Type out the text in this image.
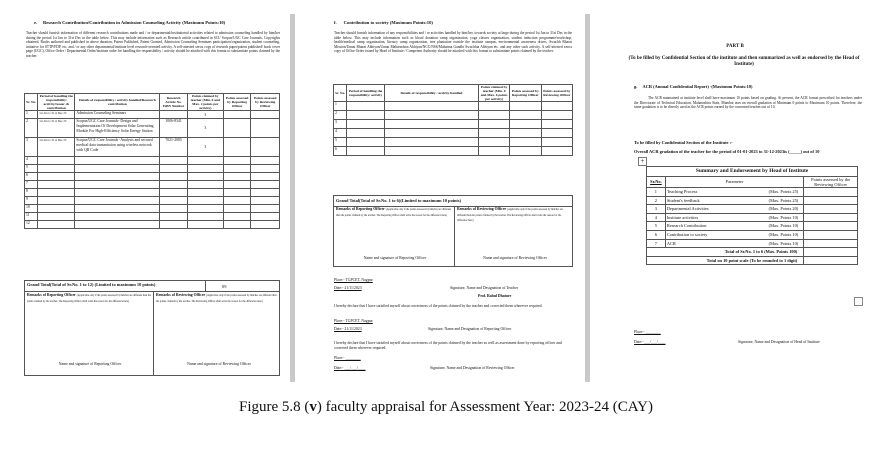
e. Research Contribution/Contribution in Admission Counseling Activity (Maximum Points:10)
Teacher should furnish information of different research contributions made and / or departmental/institutional activities related to admission counseling handled by him/her during the period 1st Jan to 31st Dec in the table below. This may include information such as Research article contributed in SCI/ Scopus/UGC Care Journals, Copyrights obtained, Books authored and published in above duration, Patent Published, Patent Granted, Admission Counseling Seminars participation/organization, student counseling, initiative for STTP/FDP, etc. and / or any other departmental/institute level research-oriented activity. A self-attested xerox copy of research paper/patent published/ book cover page (UGC), Office Order / Departmental Order/institute order for handling the responsibility / activity should be attached with this format to substantiate points claimed by the teacher.
Sr. No.	Period of handling the responsibility/ activity/resear ch contribution	Details of responsibility / activity handled/Research contribution	Research Article No. ISBN Number	Points claimed by teacher (Min. 0 and Max. 2 points per activity)	Points assessed by Reporting Officer	Points assessed by Reviewing Officer
1	1st Jan to 31 st Dec 23	Admission Counseling Seminars		3		
2	1st Jan to 31 st Dec 23	Scopus/UGC Care Journals- Design and Implementation Of Development Solar Generating Module For High-Efficiency Solar Energy Station	1006-8341	3		
3	1st Jan to 31 st Dec 23	Scopus/UGC Care Journals -Analysis and secured medical data transmission using wireless network with QR Code	7021-2005	3		
4						
5						
6						
7						
8						
9						
10						
11						
12						
Grand Total(Total of Sr.No. 1 to 12) (Limited to maximum 10 points)	09
Remarks of Reporting Officer (Applicable only if the points assessed by him/her are different than the points claimed by the teacher. The Reporting Officer shall write the reason for the difference here)
Remarks of Reviewing Officer (Applicable only if the points assessed by him/her are different than the points claimed by the teacher. The Reviewing Officer shall write the reason for the difference here)
Name and signature of Reporting Officer	Name and signature of Reviewing Officer
f. Contribution to society (Maximum Points:10)
Teacher should furnish information of any responsibilities and / or activities handled by him/her, towards society at large during the period 1st Jan to 31st Dec in the table below. This may include information such as blood donation camp organization, yoga classes organization, student induction programme/workshop, health/medical camp organization, literacy camp organization, tree plantation outside the institute campus, environmental awareness drives, Swachh Bharat Mission/Unnat Bharat Abhiyan/Unnat Maharashtra Abhiyan/NCC/NSS/Mahatma Gandhi Swachhta Abhiyan etc. and any other such activity. A self-attested xerox copy of Office Order issued by Head of Institute / Competent Authority should be attached with this format to substantiate points claimed by the teacher.
Sr. No.	Period of handling the responsibility/ activity	Details of responsibility / activity handled	Points claimed by teacher (Min. 0 and Max. 6 points per activity)	Points assessed by Reporting Officer	Points assessed by Reviewing Officer
1					
2					
3					
4					
5					
6					
Grand Total(Total of Sr.No. 1 to 6)(Limited to maximum 10 points)
Remarks of Reporting Officer (Applicable only if the points assessed by him/her are different than the points claimed by the teacher. The Reporting Officer shall write the reason for the difference here)
Remarks of Reviewing Officer (Applicable only if the points assessed by him/her are different than the points claimed by the teacher. The Reviewing Officer shall write the reason for the difference here)
Name and signature of Reporting Officer	Name and signature of Reviewing Officer
Place:- TGPCET, Nagpur
Date:- 21/11/2023	Signature, Name and Designation of Teacher
Prof. Rahul Dhature
I hereby declare that I have satisfied myself about correctness of the points claimed by the teacher and corrected them wherever required.
Place:- TGPCET, Nagpur
Date:- 21/11/2023	Signature, Name and Designation of Reporting Officer
I hereby declare that I have satisfied myself about correctness of the points claimed by the teacher as well as assessment done by reporting officer and corrected them wherever required.
Place:- ________
Date:- ___/___/____	Signature, Name and Designation of Reviewing Officer
PART B
(To be filled by Confidential Section of the institute and then summarized as well as endorsed by the Head of Institute)
g. ACR (Annual Confidential Report) -(Maximum Points:10)
The ACR maintained at institute level shall have maximum 10 points based on grading. At present, the ACR format prescribed for teachers under the Directorate of Technical Education, Maharashtra State, Mumbai uses an overall gradation of Minimum 0 points to Maximum 10 points. Therefore, the same gradation is to be directly used as the ACR points earned by the concerned teacher out of 10.
To be filled by Confidential Section of the Institute :-
Overall ACR gradation of the teacher for the period of 01-01-2023 to 31-12-2023is (_____) out of 10
+
Summary and Endorsement by Head of Institute		
Sr.No.	Parameter	Points assessed by the Reviewing Officer
1	Teaching Process (Max. Points 25)	

2	Student's feedback (Max. Points 25)	

3	Departmental Activities (Max. Points 20)	

4	Institute activities (Max. Points 10)	

5	Research Contribution (Max. Points 10)	

6	Contribution to society (Max. Points 10)	

7	ACR (Max. Points 10)	

Total of Sr.No. 1 to 6 (Max. Points 100)		
Total on 10 point scale (To be rounded to 1 digit)		
Place:- ________
Date:- ___/___/____	Signature, Name and Designation of Head of Institute
Figure 5.8 (v) faculty appraisal for Assessment Year: 2023-24 (CAY)
